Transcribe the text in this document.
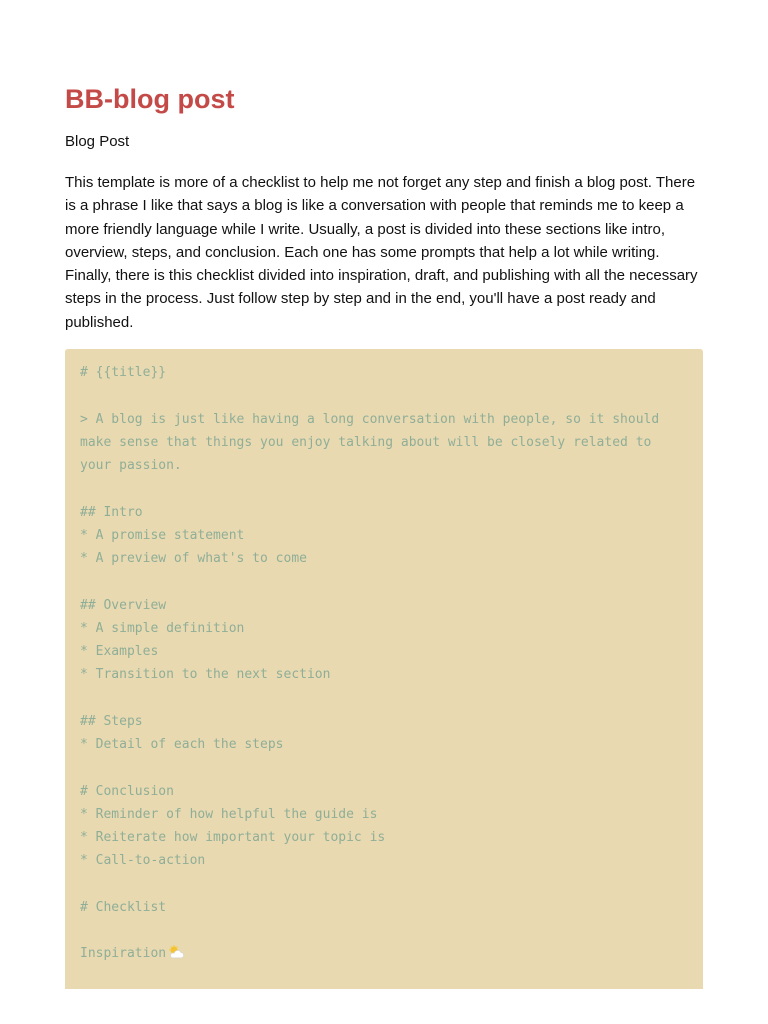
BB-blog post
Blog Post

This template is more of a checklist to help me not forget any step and finish a blog post. There is a phrase I like that says a blog is like a conversation with people that reminds me to keep a more friendly language while I write. Usually, a post is divided into these sections like intro, overview, steps, and conclusion. Each one has some prompts that help a lot while writing. Finally, there is this checklist divided into inspiration, draft, and publishing with all the necessary steps in the process. Just follow step by step and in the end, you'll have a post ready and published.

# {{title}}

> A blog is just like having a long conversation with people, so it should
make sense that things you enjoy talking about will be closely related to
your passion.

## Intro
* A promise statement
* A preview of what's to come

## Overview
* A simple definition
* Examples
* Transition to the next section

## Steps
* Detail of each the steps

# Conclusion
* Reminder of how helpful the guide is
* Reiterate how important your topic is
* Call-to-action

# Checklist

Inspiration
